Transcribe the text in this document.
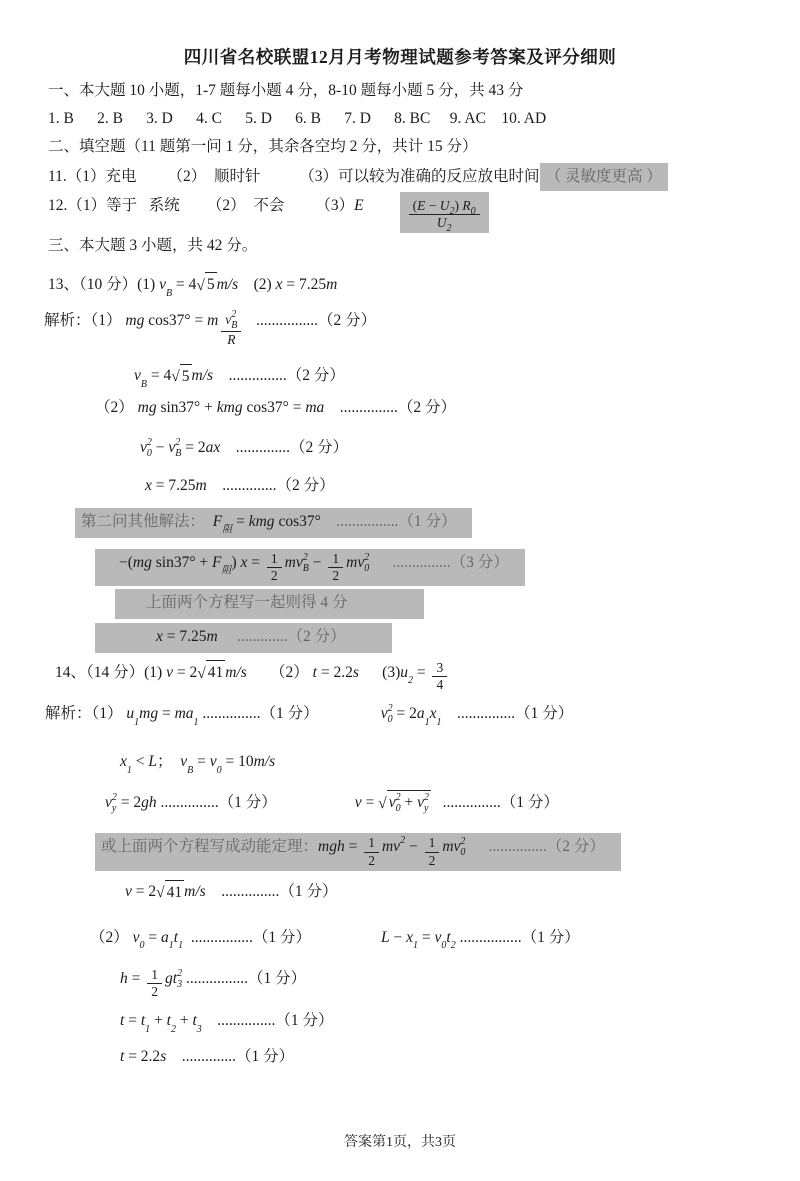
四川省名校联盟12月月考物理试题参考答案及评分细则
一、本大题 10 小题，1-7 题每小题 4 分，8-10 题每小题 5 分，共 43 分
1. B      2. B      3. D      4. C      5. D      6. B      7. D      8. BC     9. AC    10. AD
二、填空题（11 题第一问 1 分，其余各空均 2 分，共计 15 分）
11.（1）充电        （2）  顺时针          （3）可以较为准确的反应放电时间 （ 灵敏度更高 ）
12.（1）等于   系统       （2）  不会        （3） E	$\frac{( E - U 2 ) R 0}{U 2}$
三、本大题 3 小题，共 42 分。
13、（10 分）(1) v
B
= 4 √ 5 m/s (2) x = 7.25 m
解析：（1） mg cos37° = m v 2
B
R ................（2 分）
v
B
= 4 √ 5 m/s ...............（2 分）
（2） mg sin37° + kmg cos37° = ma ...............（2 分）
v 2
0 − v 2
B = 2 ax ..............（2 分）
x = 7.25 m ..............（2 分）
第二问其他解法： F
阻
= kmg cos37° ................（1 分）
−( mg sin37° + F
阻
) $x = \frac{1}{2}$ m v 2
$B - \frac{1}{2}$ m v 2
0 ...............（3 分）
上面两个方程写一起则得 4 分
x = 7.25 m .............（2 分）
14、（14 分）(1) v = 2 √ 41 m/s （2） t = 2.2 s (3) u
2
= $\frac{3}{4}$
解析：（1） u
1
mg = m a
1
...............（1 分）	v 2
0 = 2 a
1
x
1
...............（1 分）
x
1
< L ； v
B
= v
0
= 10 m/s
v 2
y = 2 gh ...............（1 分）	v = √ v 2
0 + v 2
y ...............（1 分）
或上面两个方程写成动能定理： mgh = $\frac{1}{2}$ m v $2 - \frac{1}{2}$ m v 2
0 ...............（2 分）
v = 2 √ 41 m/s ...............（1 分）
（2） v
0
= a
1
t
1
................（1 分）	L − x
1
= v
0
t
2
................（1 分）
$h = \frac{1}{2}$ g t 2
3 ................（1 分）
t = t
1
+ t
2
+ t
3
...............（1 分）
t = 2.2 s ..............（1 分）
答案第1页，共3页
